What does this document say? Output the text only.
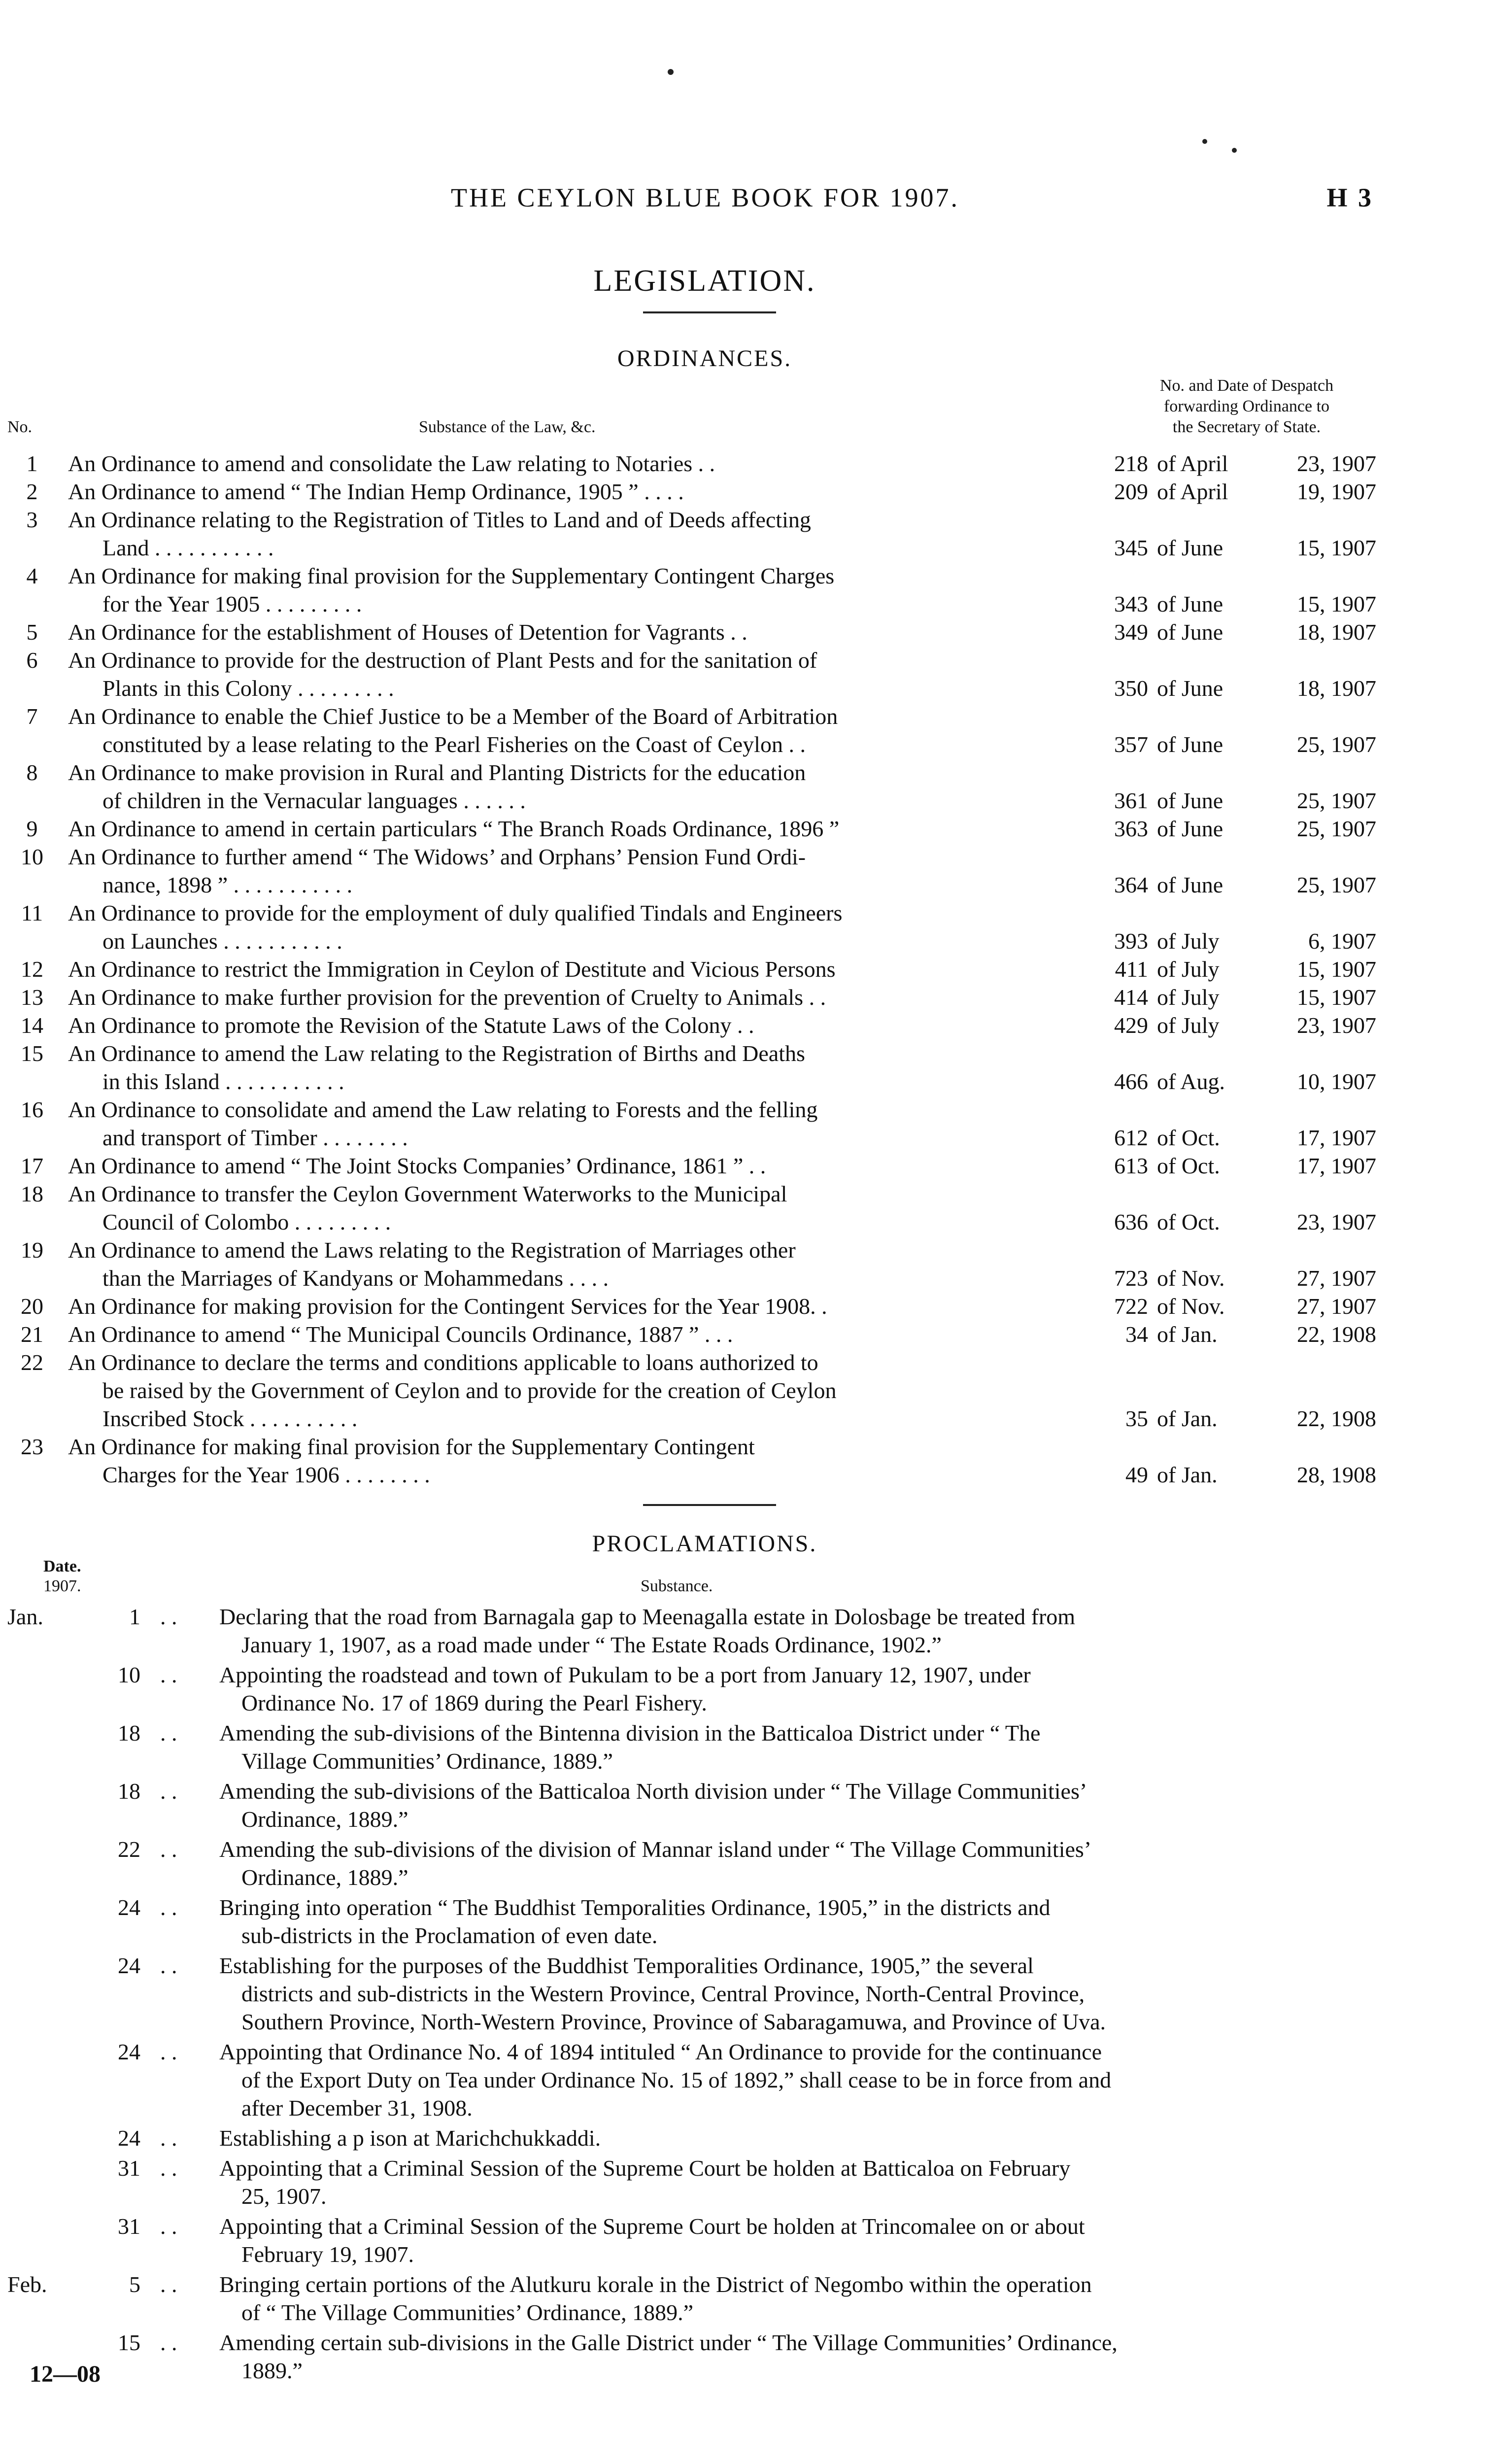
THE CEYLON BLUE BOOK FOR 1907.	H 3
LEGISLATION.
ORDINANCES.
No. and Date of Despatch
forwarding Ordinance to
the Secretary of State.
No.	Substance of the Law, &c.
1	An Ordinance to amend and consolidate the Law relating to Notaries . .	218 of April	23, 1907
2	An Ordinance to amend “ The Indian Hemp Ordinance, 1905 ” . . . .	209 of April	19, 1907
3	An Ordinance relating to the Registration of Titles to Land and of Deeds affecting
Land . . . . . . . . . . .	345 of June	15, 1907
4	An Ordinance for making final provision for the Supplementary Contingent Charges
for the Year 1905 . . . . . . . . .	343 of June	15, 1907
5	An Ordinance for the establishment of Houses of Detention for Vagrants . .	349 of June	18, 1907
6	An Ordinance to provide for the destruction of Plant Pests and for the sanitation of
Plants in this Colony . . . . . . . . .	350 of June	18, 1907
7	An Ordinance to enable the Chief Justice to be a Member of the Board of Arbitration
constituted by a lease relating to the Pearl Fisheries on the Coast of Ceylon . .	357 of June	25, 1907
8	An Ordinance to make provision in Rural and Planting Districts for the education
of children in the Vernacular languages . . . . . .	361 of June	25, 1907
9	An Ordinance to amend in certain particulars “ The Branch Roads Ordinance, 1896 ”	363 of June	25, 1907
10	An Ordinance to further amend “ The Widows’ and Orphans’ Pension Fund Ordi-
nance, 1898 ” . . . . . . . . . . .	364 of June	25, 1907
11	An Ordinance to provide for the employment of duly qualified Tindals and Engineers
on Launches . . . . . . . . . . .	393 of July	6, 1907
12	An Ordinance to restrict the Immigration in Ceylon of Destitute and Vicious Persons	411 of July	15, 1907
13	An Ordinance to make further provision for the prevention of Cruelty to Animals . .	414 of July	15, 1907
14	An Ordinance to promote the Revision of the Statute Laws of the Colony . .	429 of July	23, 1907
15	An Ordinance to amend the Law relating to the Registration of Births and Deaths
in this Island . . . . . . . . . . .	466 of Aug.	10, 1907
16	An Ordinance to consolidate and amend the Law relating to Forests and the felling
and transport of Timber . . . . . . . .	612 of Oct.	17, 1907
17	An Ordinance to amend “ The Joint Stocks Companies’ Ordinance, 1861 ” . .	613 of Oct.	17, 1907
18	An Ordinance to transfer the Ceylon Government Waterworks to the Municipal
Council of Colombo . . . . . . . . .	636 of Oct.	23, 1907
19	An Ordinance to amend the Laws relating to the Registration of Marriages other
than the Marriages of Kandyans or Mohammedans . . . .	723 of Nov.	27, 1907
20	An Ordinance for making provision for the Contingent Services for the Year 1908. .	722 of Nov.	27, 1907
21	An Ordinance to amend “ The Municipal Councils Ordinance, 1887 ” . . .	34 of Jan.	22, 1908
22	An Ordinance to declare the terms and conditions applicable to loans authorized to
be raised by the Government of Ceylon and to provide for the creation of Ceylon
Inscribed Stock . . . . . . . . . .	35 of Jan.	22, 1908
23	An Ordinance for making final provision for the Supplementary Contingent
Charges for the Year 1906 . . . . . . . .	49 of Jan.	28, 1908
PROCLAMATIONS.
Date.
1907.	Substance.
Jan.	1 . . Declaring that the road from Barnagala gap to Meenagalla estate in Dolosbage be treated from
January 1, 1907, as a road made under “ The Estate Roads Ordinance, 1902.”
10 . . Appointing the roadstead and town of Pukulam to be a port from January 12, 1907, under
Ordinance No. 17 of 1869 during the Pearl Fishery.
18 . . Amending the sub-divisions of the Bintenna division in the Batticaloa District under “ The
Village Communities’ Ordinance, 1889.”
18 . . Amending the sub-divisions of the Batticaloa North division under “ The Village Communities’
Ordinance, 1889.”
22 . . Amending the sub-divisions of the division of Mannar island under “ The Village Communities’
Ordinance, 1889.”
24 . . Bringing into operation “ The Buddhist Temporalities Ordinance, 1905,” in the districts and
sub-districts in the Proclamation of even date.
24 . . Establishing for the purposes of the Buddhist Temporalities Ordinance, 1905,” the several
districts and sub-districts in the Western Province, Central Province, North-Central Province,
Southern Province, North-Western Province, Province of Sabaragamuwa, and Province of Uva.
24 . . Appointing that Ordinance No. 4 of 1894 intituled “ An Ordinance to provide for the continuance
of the Export Duty on Tea under Ordinance No. 15 of 1892,” shall cease to be in force from and
after December 31, 1908.
24 . . Establishing a p ison at Marichchukkaddi.
31 . . Appointing that a Criminal Session of the Supreme Court be holden at Batticaloa on February
25, 1907.
31 . . Appointing that a Criminal Session of the Supreme Court be holden at Trincomalee on or about
February 19, 1907.
Feb.	5 . . Bringing certain portions of the Alutkuru korale in the District of Negombo within the operation
of “ The Village Communities’ Ordinance, 1889.”
15 . . Amending certain sub-divisions in the Galle District under “ The Village Communities’ Ordinance,
1889.”
12—08
